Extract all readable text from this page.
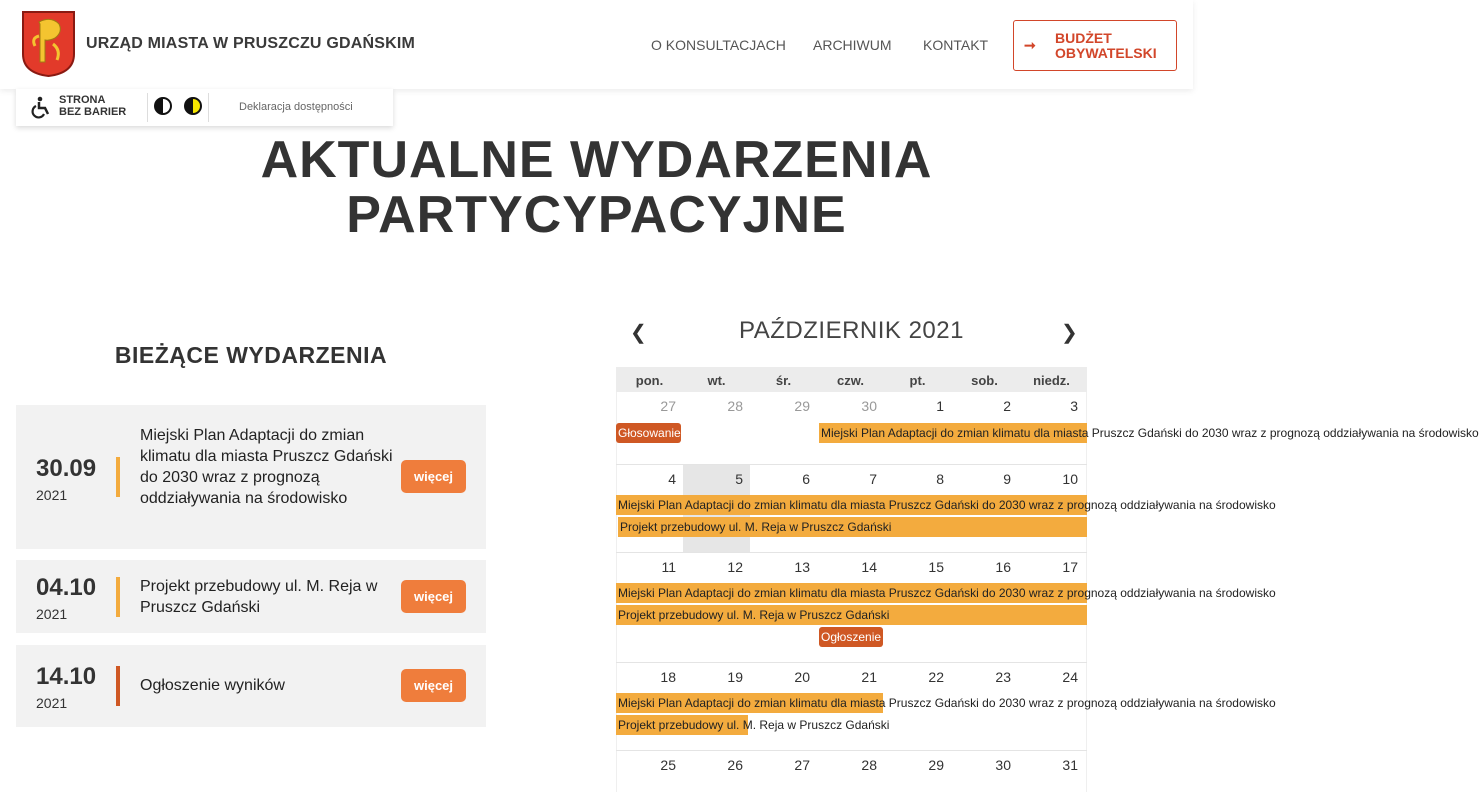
URZĄD MIASTA W PRUSZCZU GDAŃSKIM	O KONSULTACJACH ARCHIWUM KONTAKT	➞ BUDŻET
OBYWATELSKI
STRONA
BEZ BARIER	Deklaracja dostępności
AKTUALNE WYDARZENIA
PARTYCYPACYJNE
BIEŻĄCE WYDARZENIA
30.09
2021
Miejski Plan Adaptacji do zmian klimatu dla miasta Pruszcz Gdański do 2030 wraz z prognozą oddziaływania na środowisko
więcej
04.10
2021
Projekt przebudowy ul. M. Reja w Pruszcz Gdański
więcej
14.10
2021
Ogłoszenie wyników	więcej
❮	PAŹDZIERNIK 2021	❯
pon.	wt.	śr.	czw.	pt.	sob.	niedz.
27	28	29	30	1	2	3
Głosowanie	Miejski Plan Adaptacji do zmian klimatu dla miasta Pruszcz Gdański do 2030 wraz z prognozą oddziaływania na środowisko
4	5	6	7	8	9	10
Miejski Plan Adaptacji do zmian klimatu dla miasta Pruszcz Gdański do 2030 wraz z prognozą oddziaływania na środowisko
Projekt przebudowy ul. M. Reja w Pruszcz Gdański
11	12	13	14	15	16	17
Miejski Plan Adaptacji do zmian klimatu dla miasta Pruszcz Gdański do 2030 wraz z prognozą oddziaływania na środowisko
Projekt przebudowy ul. M. Reja w Pruszcz Gdański
Ogłoszenie wyników
18	19	20	21	22	23	24
Miejski Plan Adaptacji do zmian klimatu dla miasta Pruszcz Gdański do 2030 wraz z prognozą oddziaływania na środowisko
Projekt przebudowy ul. M. Reja w Pruszcz Gdański
25	26	27	28	29	30	31
